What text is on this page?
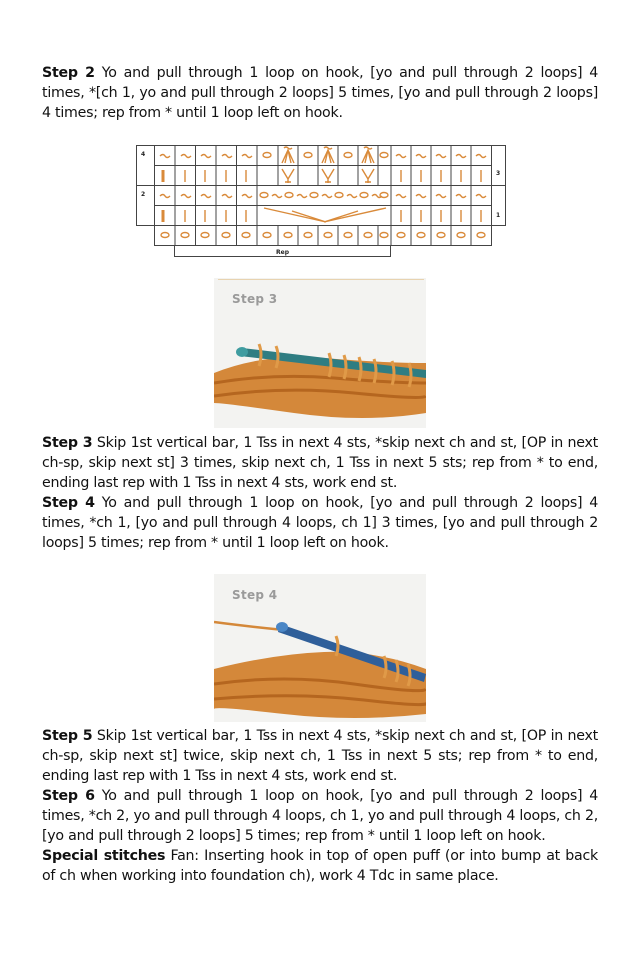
Step 2 Yo and pull through 1 loop on hook, [yo and pull through 2 loops] 4 times, *[ch 1, yo and pull through 2 loops] 5 times, [yo and pull through 2 loops] 4 times; rep from * until 1 loop left on hook.
4
2
3
1
Rep
Step 3
Step 3 Skip 1st vertical bar, 1 Tss in next 4 sts, *skip next ch and st, [OP in next ch-sp, skip next st] 3 times, skip next ch, 1 Tss in next 5 sts; rep from * to end, ending last rep with 1 Tss in next 4 sts, work end st.
Step 4 Yo and pull through 1 loop on hook, [yo and pull through 2 loops] 4 times, *ch 1, [yo and pull through 4 loops, ch 1] 3 times, [yo and pull through 2 loops] 5 times; rep from * until 1 loop left on hook.
Step 4
Step 5 Skip 1st vertical bar, 1 Tss in next 4 sts, *skip next ch and st, [OP in next ch-sp, skip next st] twice, skip next ch, 1 Tss in next 5 sts; rep from * to end, ending last rep with 1 Tss in next 4 sts, work end st.
Step 6 Yo and pull through 1 loop on hook, [yo and pull through 2 loops] 4 times, *ch 2, yo and pull through 4 loops, ch 1, yo and pull through 4 loops, ch 2, [yo and pull through 2 loops] 5 times; rep from * until 1 loop left on hook.
Special stitches Fan: Inserting hook in top of open puff (or into bump at back of ch when working into foundation ch), work 4 Tdc in same place.
